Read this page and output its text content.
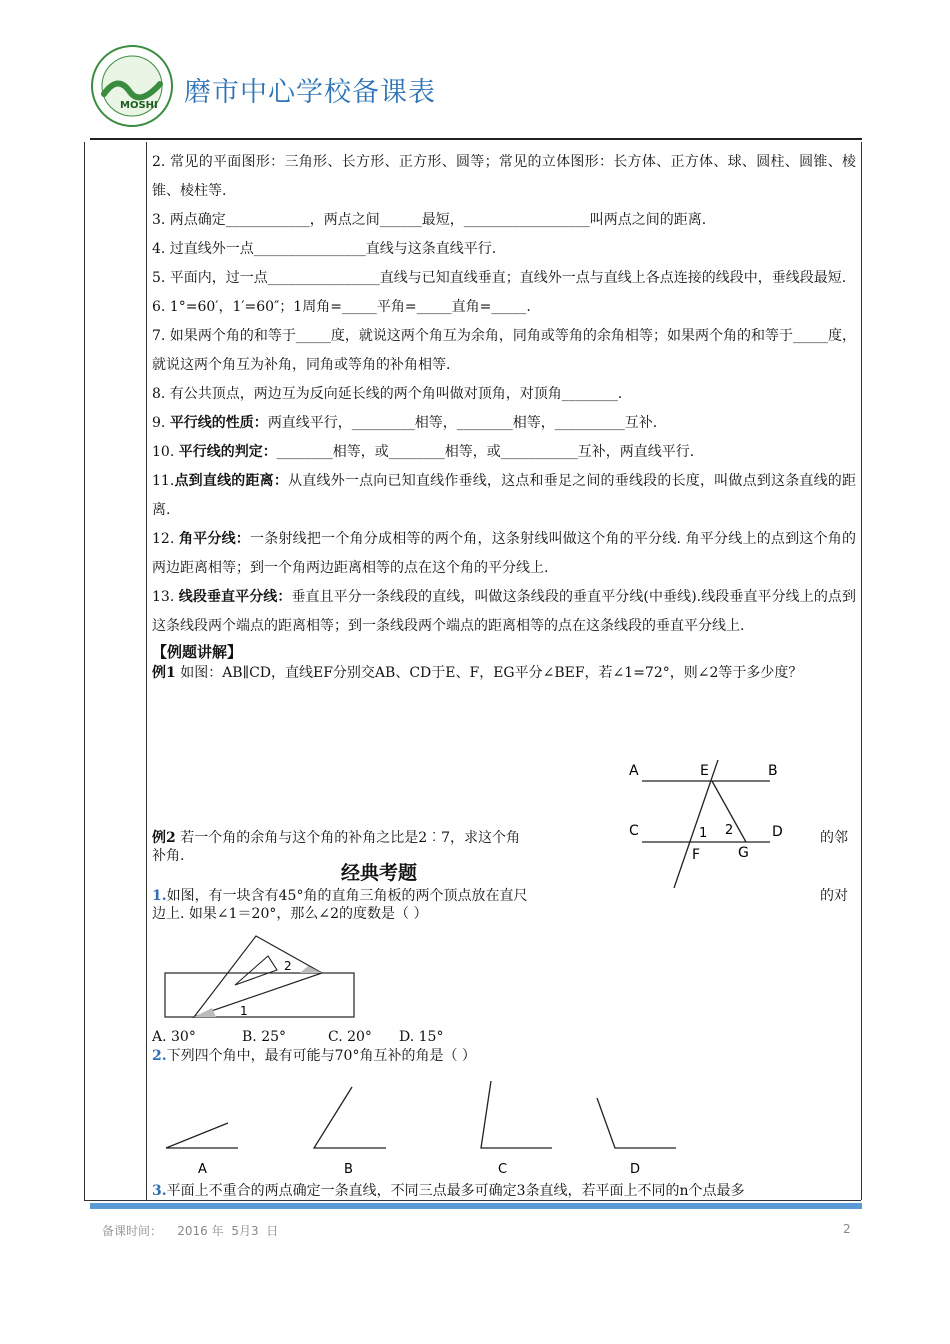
MOSHI 磨市中心学校备课表

2. 常见的平面图形：三角形、长方形、正方形、圆等；常见的立体图形：长方体、正方体、球、圆柱、圆锥、棱锥、棱柱等.

3. 两点确定____________，两点之间______最短，__________________叫两点之间的距离.

4. 过直线外一点________________直线与这条直线平行.

5. 平面内，过一点________________直线与已知直线垂直；直线外一点与直线上各点连接的线段中，垂线段最短.

6. 1°=60′，1′=60″；1周角=_____平角=_____直角=_____.

7. 如果两个角的和等于_____度，就说这两个角互为余角，同角或等角的余角相等；如果两个角的和等于_____度，就说这两个角互为补角，同角或等角的补角相等.

8. 有公共顶点，两边互为反向延长线的两个角叫做对顶角，对顶角________.

9. 平行线的性质：两直线平行，_________相等，________相等，__________互补.

10. 平行线的判定：________相等，或________相等，或___________互补，两直线平行.

11.点到直线的距离：从直线外一点向已知直线作垂线，这点和垂足之间的垂线段的长度，叫做点到这条直线的距离.

12. 角平分线：一条射线把一个角分成相等的两个角，这条射线叫做这个角的平分线. 角平分线上的点到这个角的两边距离相等；到一个角两边距离相等的点在这个角的平分线上.

13. 线段垂直平分线：垂直且平分一条线段的直线，叫做这条线段的垂直平分线(中垂线).线段垂直平分线上的点到这条线段两个端点的距离相等；到一条线段两个端点的距离相等的点在这条线段的垂直平分线上.

【例题讲解】

例1 如图：AB∥CD，直线EF分别交AB、CD于E、F，EG平分∠BEF，若∠1=72°，则∠2等于多少度？

A	E	B
C	1 2	D
F	G
例2 若一个角的余角与这个角的补角之比是2︰7，求这个角	的邻
补角.
经典考题
1.如图，有一块含有45°角的直角三角板的两个顶点放在直尺	的对
边上. 如果∠1＝20°，那么∠2的度数是（ ）
1
2
A. 30°	B. 25°	C. 20° D. 15°
2.下列四个角中，最有可能与70°角互补的角是（ ）
A	B	C	D
3.平面上不重合的两点确定一条直线，不同三点最多可确定3条直线，若平面上不同的n个点最多
备课时间： 2016 年 5月3 日	2
